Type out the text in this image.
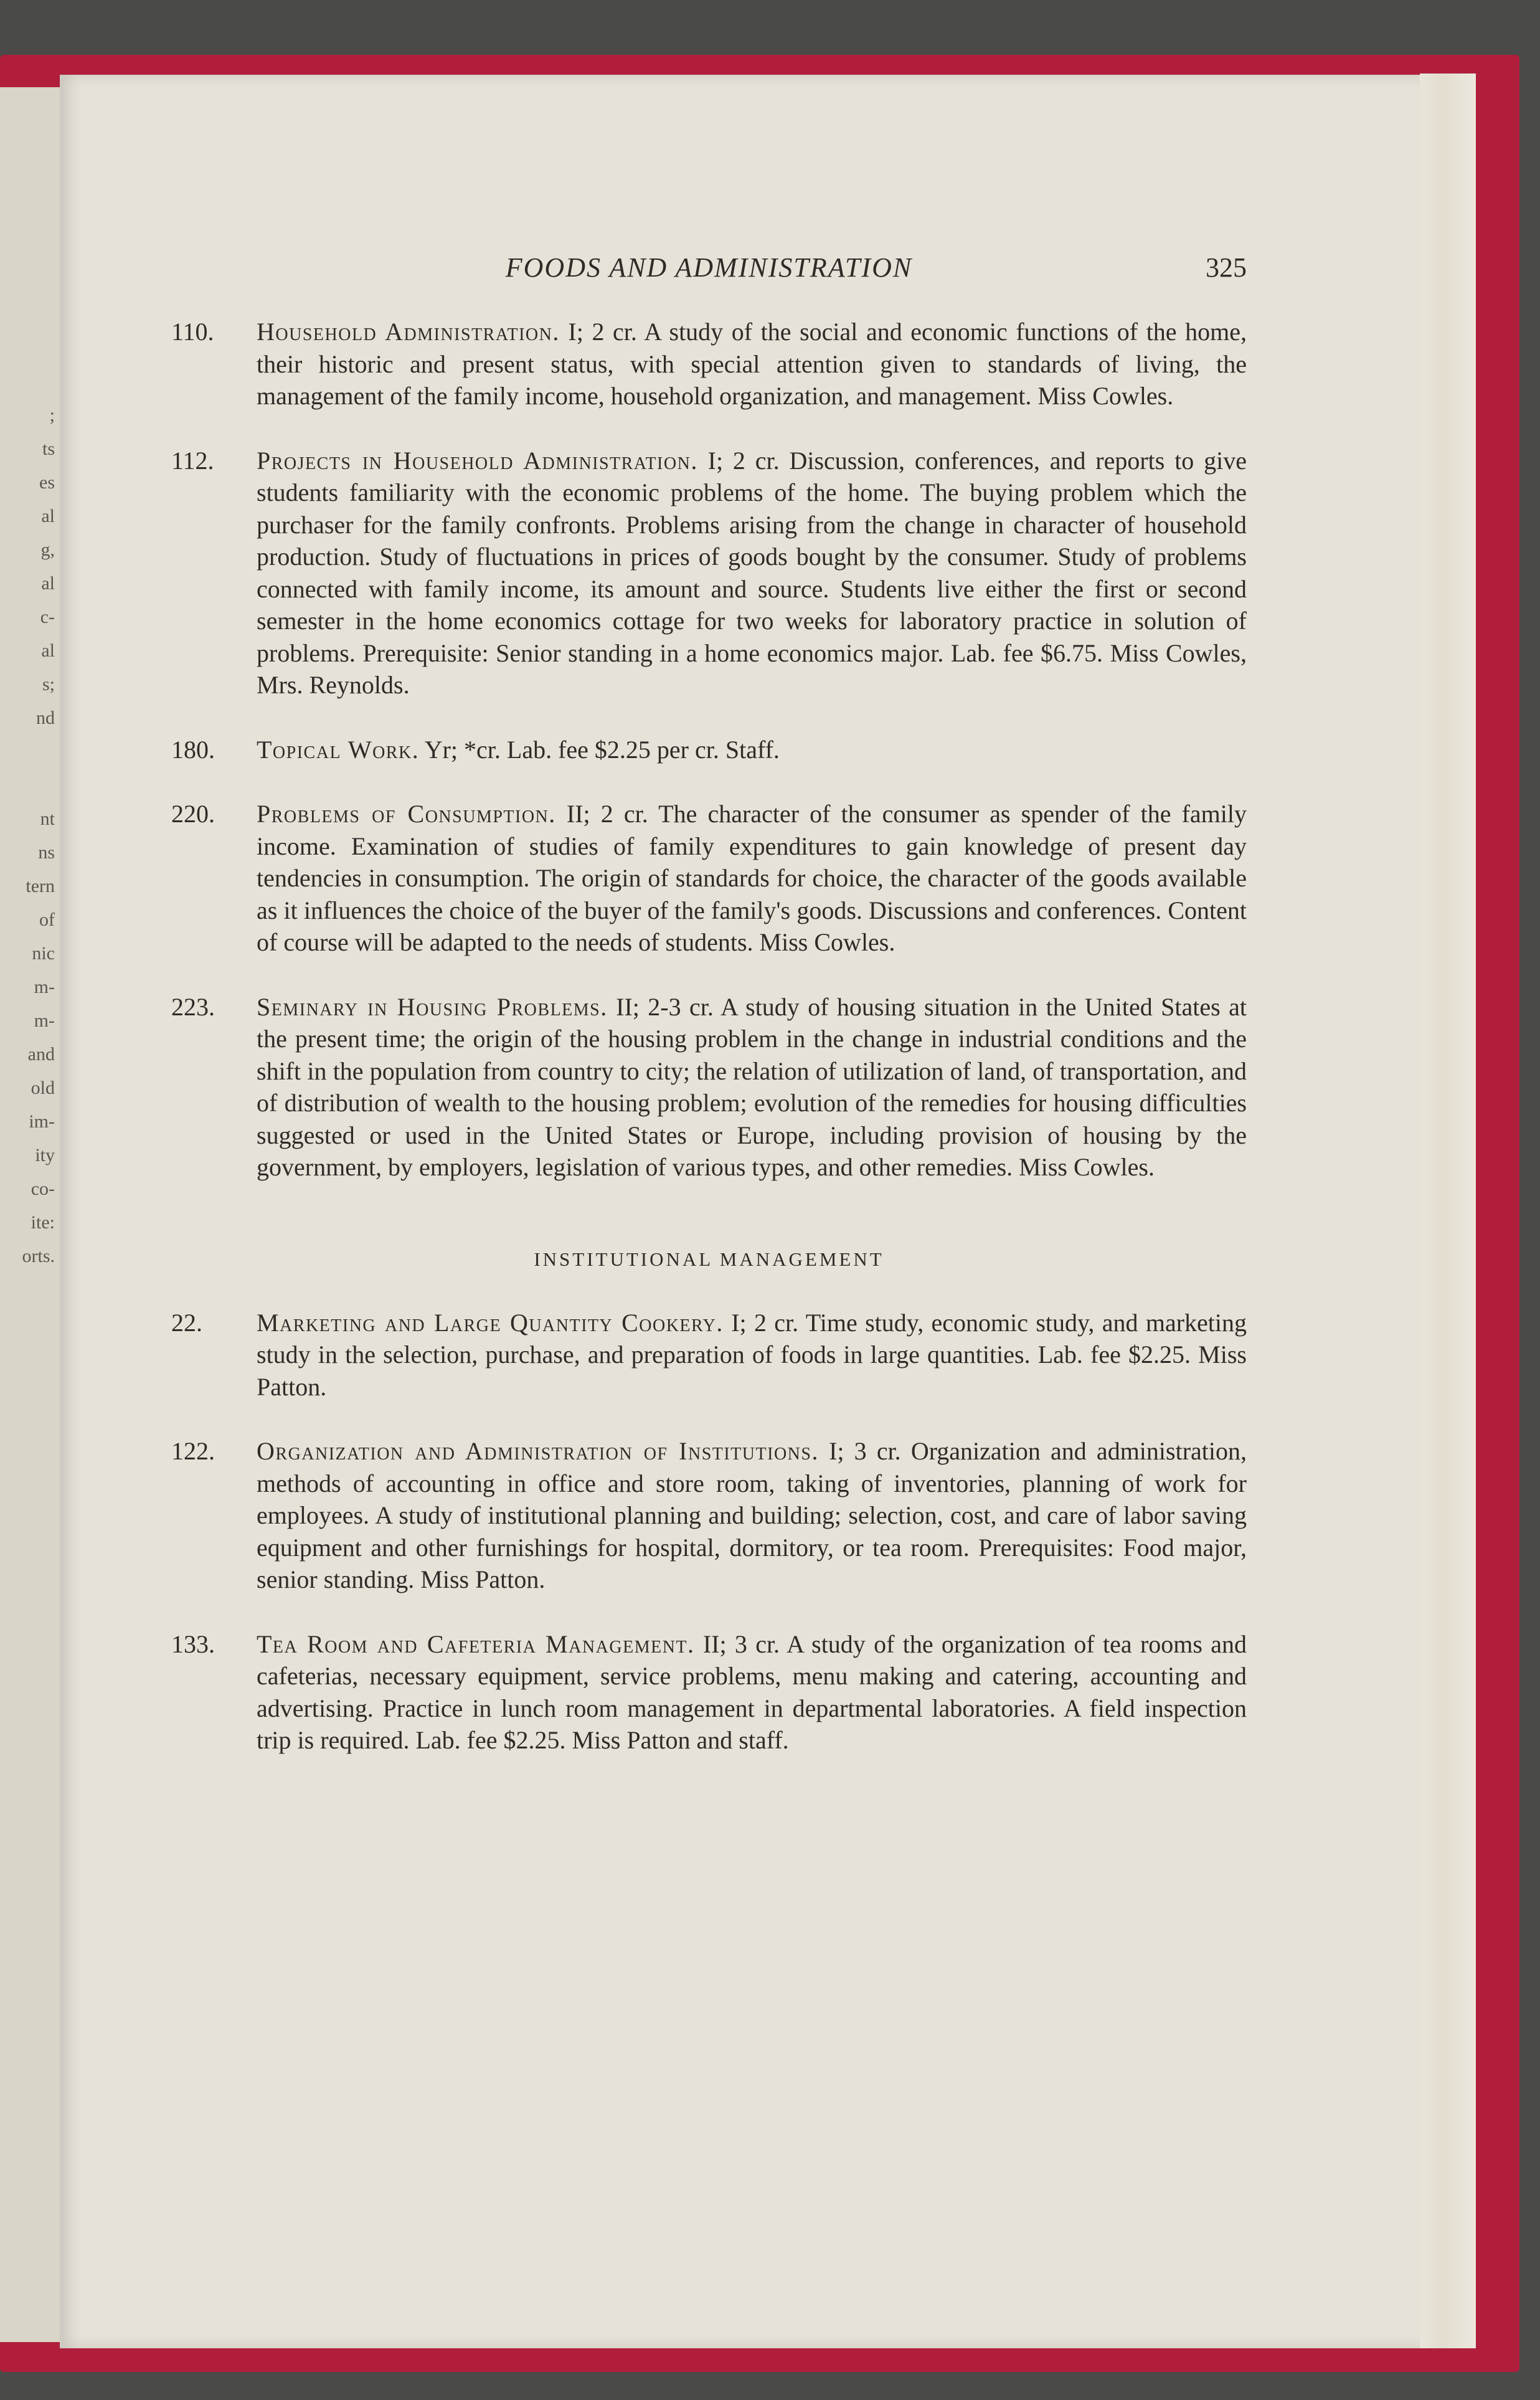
;
ts
es
al
g,
al
c-
al
s;
nd

nt
ns
tern
of
nic
m-
m-
and
old
im-
ity
co-
ite:
orts.
FOODS AND ADMINISTRATION	325
110.	Household Administration. I; 2 cr. A study of the social and economic functions of the home, their historic and present status, with special attention given to standards of living, the management of the family income, household organization, and management. Miss Cowles.
112.	Projects in Household Administration. I; 2 cr. Discussion, conferences, and reports to give students familiarity with the economic problems of the home. The buying problem which the purchaser for the family confronts. Problems arising from the change in character of household production. Study of fluctuations in prices of goods bought by the consumer. Study of problems connected with family income, its amount and source. Students live either the first or second semester in the home economics cottage for two weeks for laboratory practice in solution of problems. Prerequisite: Senior standing in a home economics major. Lab. fee $6.75. Miss Cowles, Mrs. Reynolds.
180.	Topical Work. Yr; *cr. Lab. fee $2.25 per cr. Staff.
220.	Problems of Consumption. II; 2 cr. The character of the consumer as spender of the family income. Examination of studies of family expenditures to gain knowledge of present day tendencies in consumption. The origin of standards for choice, the character of the goods available as it influences the choice of the buyer of the family's goods. Discussions and conferences. Content of course will be adapted to the needs of students. Miss Cowles.
223.	Seminary in Housing Problems. II; 2-3 cr. A study of housing situation in the United States at the present time; the origin of the housing problem in the change in industrial conditions and the shift in the population from country to city; the relation of utilization of land, of transportation, and of distribution of wealth to the housing problem; evolution of the remedies for housing difficulties suggested or used in the United States or Europe, including provision of housing by the government, by employers, legislation of various types, and other remedies. Miss Cowles.
INSTITUTIONAL MANAGEMENT
22.	Marketing and Large Quantity Cookery. I; 2 cr. Time study, economic study, and marketing study in the selection, purchase, and preparation of foods in large quantities. Lab. fee $2.25. Miss Patton.
122.	Organization and Administration of Institutions. I; 3 cr. Organization and administration, methods of accounting in office and store room, taking of inventories, planning of work for employees. A study of institutional planning and building; selection, cost, and care of labor saving equipment and other furnishings for hospital, dormitory, or tea room. Prerequisites: Food major, senior standing. Miss Patton.
133.	Tea Room and Cafeteria Management. II; 3 cr. A study of the organization of tea rooms and cafeterias, necessary equipment, service problems, menu making and catering, accounting and advertising. Practice in lunch room management in departmental laboratories. A field inspection trip is required. Lab. fee $2.25. Miss Patton and staff.
